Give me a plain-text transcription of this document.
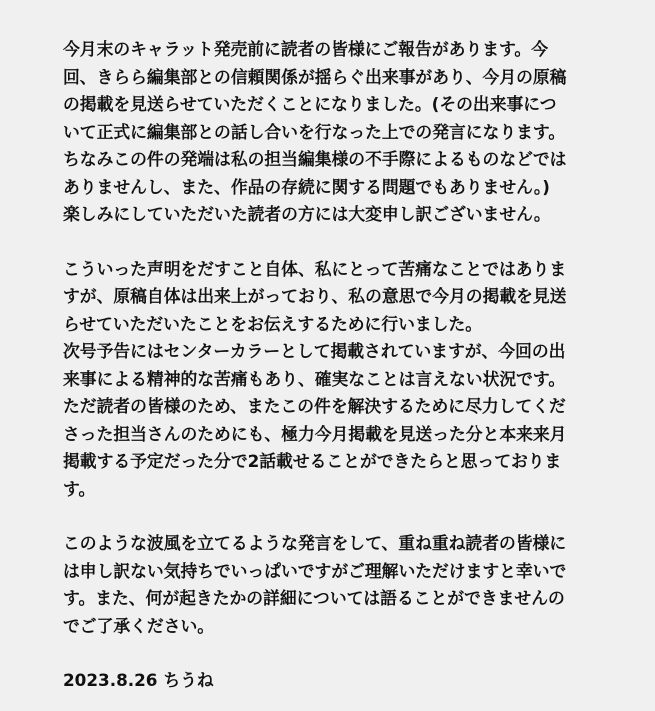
今月末のキャラット発売前に読者の皆様にご報告があります。今
回、きらら編集部との信頼関係が揺らぐ出来事があり、今月の原稿
の掲載を見送らせていただくことになりました。(その出来事につ
いて正式に編集部との話し合いを行なった上での発言になります。
ちなみこの件の発端は私の担当編集様の不手際によるものなどでは
ありませんし、また、作品の存続に関する問題でもありません。)
楽しみにしていただいた読者の方には大変申し訳ございません。
こういった声明をだすこと自体、私にとって苦痛なことではありま
すが、原稿自体は出来上がっており、私の意思で今月の掲載を見送
らせていただいたことをお伝えするために行いました。
次号予告にはセンターカラーとして掲載されていますが、今回の出
来事による精神的な苦痛もあり、確実なことは言えない状況です。
ただ読者の皆様のため、またこの件を解決するために尽力してくだ
さった担当さんのためにも、極力今月掲載を見送った分と本来来月
掲載する予定だった分で2話載せることができたらと思っておりま
す。
このような波風を立てるような発言をして、重ね重ね読者の皆様に
は申し訳ない気持ちでいっぱいですがご理解いただけますと幸いで
す。また、何が起きたかの詳細については語ることができませんの
でご了承ください。
2023.8.26 ちうね
